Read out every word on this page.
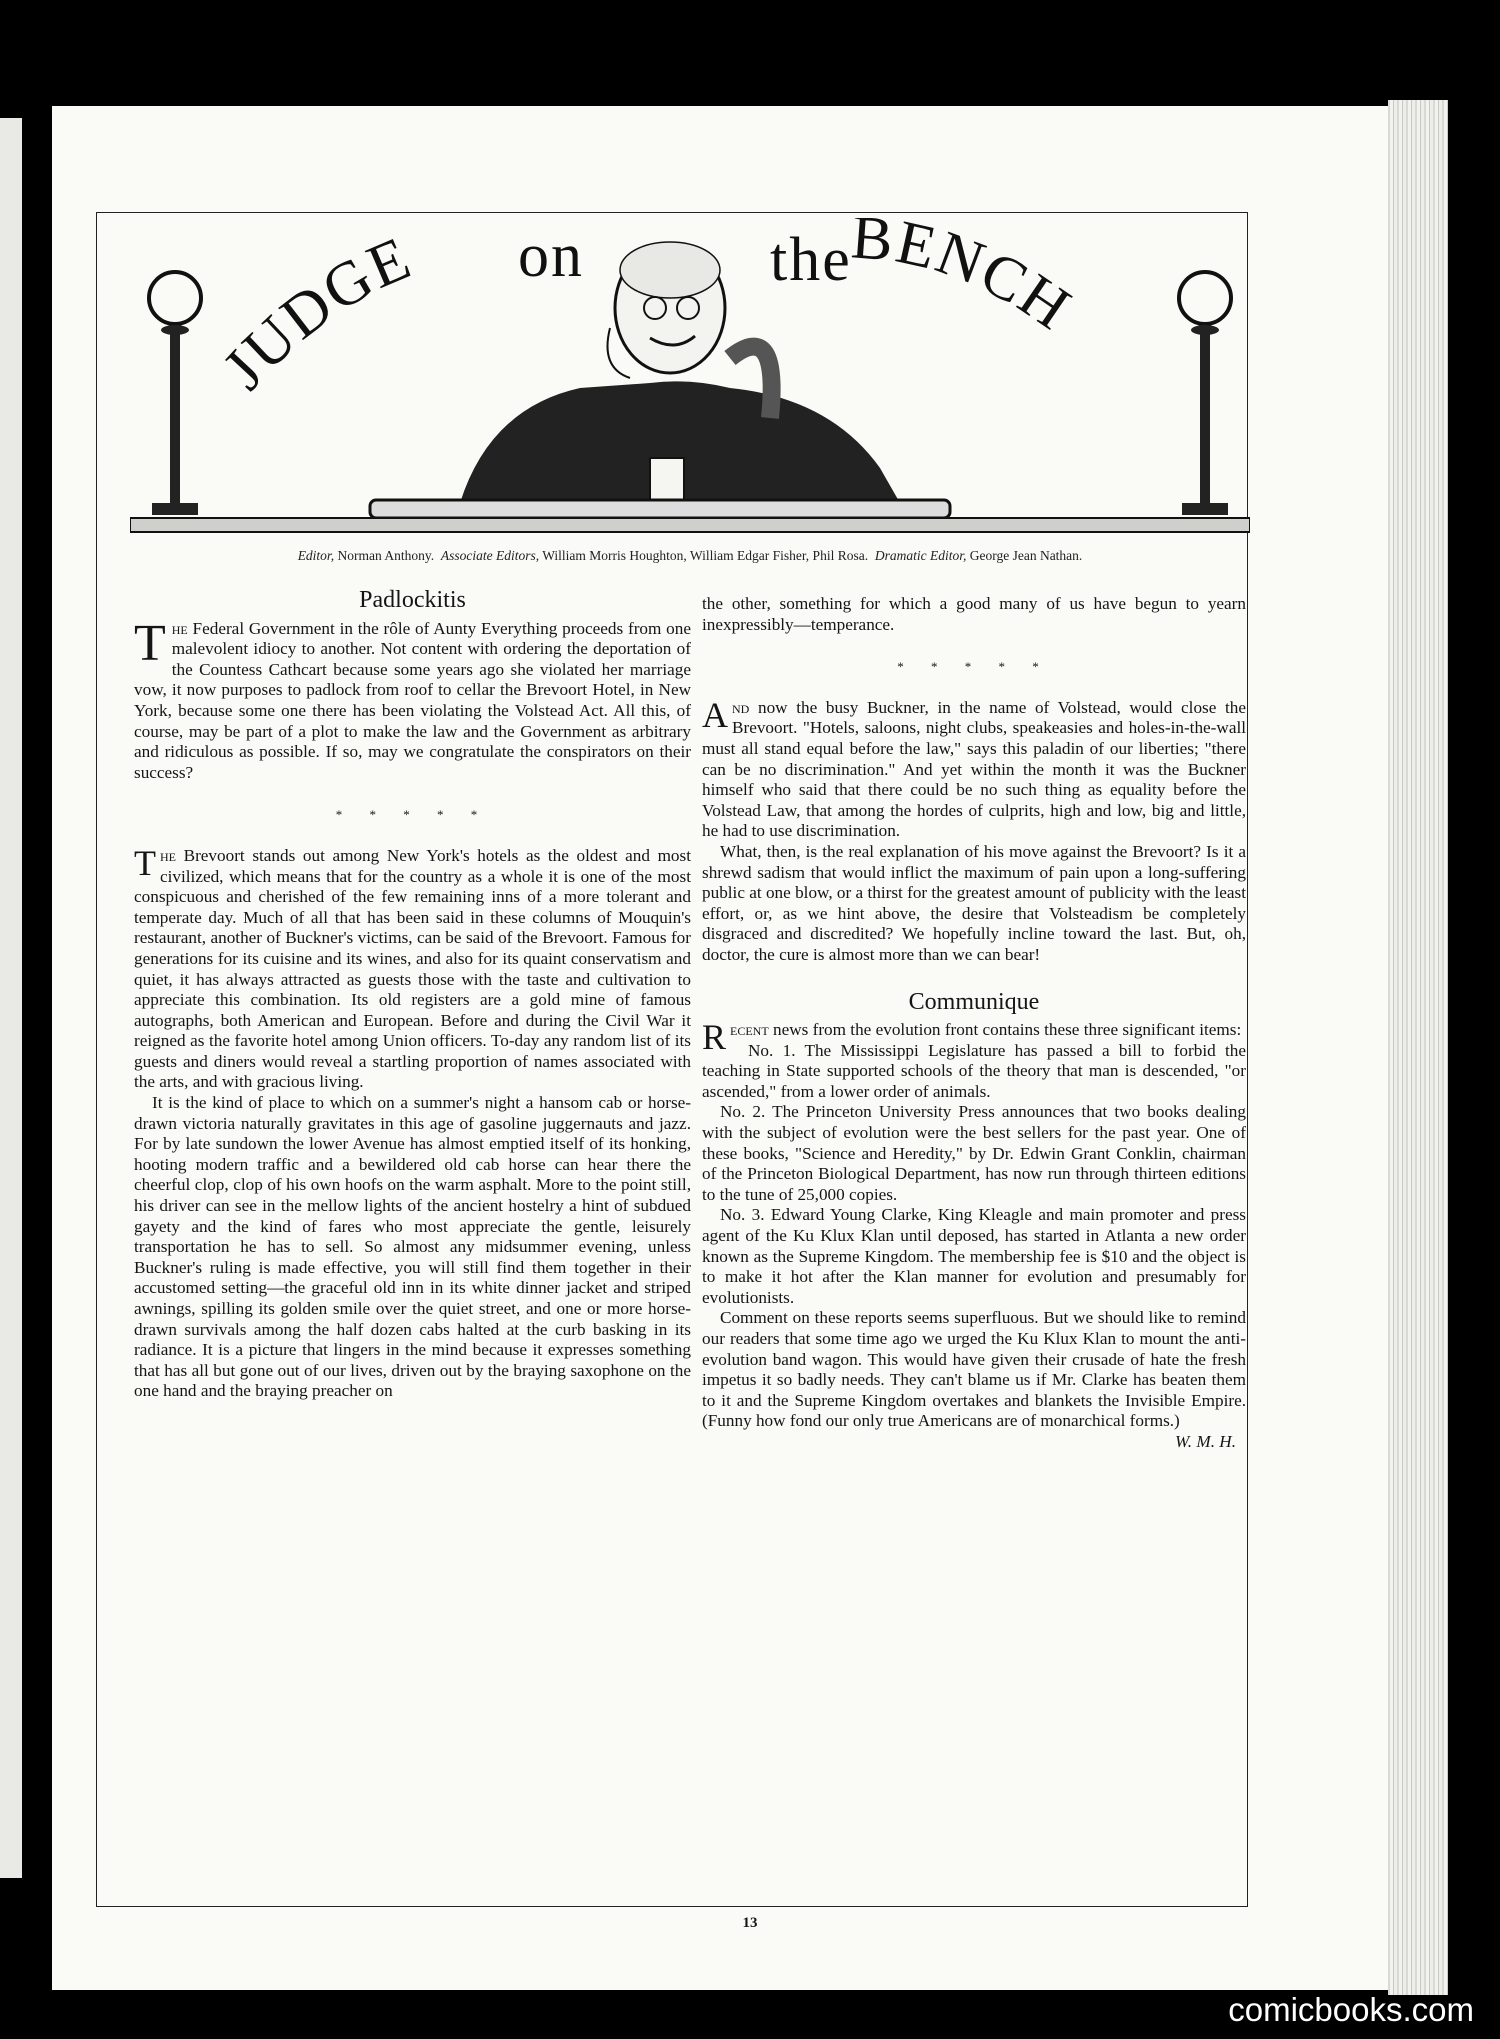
JUDGE on	the
BENCH
Editor, Norman Anthony. Associate Editors, William Morris Houghton, William Edgar Fisher, Phil Rosa. Dramatic Editor, George Jean Nathan.
Padlockitis

The Federal Government in the rôle of Aunty Everything proceeds from one malevolent idiocy to another. Not content with ordering the deportation of the Countess Cathcart because some years ago she violated her marriage vow, it now purposes to padlock from roof to cellar the Brevoort Hotel, in New York, because some one there has been violating the Volstead Act. All this, of course, may be part of a plot to make the law and the Government as arbitrary and ridiculous as possible. If so, may we congratulate the conspirators on their success?

* * * * *

The Brevoort stands out among New York's hotels as the oldest and most civilized, which means that for the country as a whole it is one of the most conspicuous and cherished of the few remaining inns of a more tolerant and temperate day. Much of all that has been said in these columns of Mouquin's restaurant, another of Buckner's victims, can be said of the Brevoort. Famous for generations for its cuisine and its wines, and also for its quaint conservatism and quiet, it has always attracted as guests those with the taste and cultivation to appreciate this combination. Its old registers are a gold mine of famous autographs, both American and European. Before and during the Civil War it reigned as the favorite hotel among Union officers. To-day any random list of its guests and diners would reveal a startling proportion of names associated with the arts, and with gracious living.

It is the kind of place to which on a summer's night a hansom cab or horse-drawn victoria naturally gravitates in this age of gasoline juggernauts and jazz. For by late sundown the lower Avenue has almost emptied itself of its honking, hooting modern traffic and a bewildered old cab horse can hear there the cheerful clop, clop of his own hoofs on the warm asphalt. More to the point still, his driver can see in the mellow lights of the ancient hostelry a hint of subdued gayety and the kind of fares who most appreciate the gentle, leisurely transportation he has to sell. So almost any midsummer evening, unless Buckner's ruling is made effective, you will still find them together in their accustomed setting—the graceful old inn in its white dinner jacket and striped awnings, spilling its golden smile over the quiet street, and one or more horse-drawn survivals among the half dozen cabs halted at the curb basking in its radiance. It is a picture that lingers in the mind because it expresses something that has all but gone out of our lives, driven out by the braying saxophone on the one hand and the braying preacher on

the other, something for which a good many of us have begun to yearn inexpressibly—temperance.

* * * * *

And now the busy Buckner, in the name of Volstead, would close the Brevoort. "Hotels, saloons, night clubs, speakeasies and holes-in-the-wall must all stand equal before the law," says this paladin of our liberties; "there can be no discrimination." And yet within the month it was the Buckner himself who said that there could be no such thing as equality before the Volstead Law, that among the hordes of culprits, high and low, big and little, he had to use discrimination.

What, then, is the real explanation of his move against the Brevoort? Is it a shrewd sadism that would inflict the maximum of pain upon a long-suffering public at one blow, or a thirst for the greatest amount of publicity with the least effort, or, as we hint above, the desire that Volsteadism be completely disgraced and discredited? We hopefully incline toward the last. But, oh, doctor, the cure is almost more than we can bear!

Communique

Recent news from the evolution front contains these three significant items:

No. 1. The Mississippi Legislature has passed a bill to forbid the teaching in State supported schools of the theory that man is descended, "or ascended," from a lower order of animals.

No. 2. The Princeton University Press announces that two books dealing with the subject of evolution were the best sellers for the past year. One of these books, "Science and Heredity," by Dr. Edwin Grant Conklin, chairman of the Princeton Biological Department, has now run through thirteen editions to the tune of 25,000 copies.

No. 3. Edward Young Clarke, King Kleagle and main promoter and press agent of the Ku Klux Klan until deposed, has started in Atlanta a new order known as the Supreme Kingdom. The membership fee is $10 and the object is to make it hot after the Klan manner for evolution and presumably for evolutionists.

Comment on these reports seems superfluous. But we should like to remind our readers that some time ago we urged the Ku Klux Klan to mount the anti-evolution band wagon. This would have given their crusade of hate the fresh impetus it so badly needs. They can't blame us if Mr. Clarke has beaten them to it and the Supreme Kingdom overtakes and blankets the Invisible Empire. (Funny how fond our only true Americans are of monarchical forms.)
W. M. H.

13
comicbooks.com
